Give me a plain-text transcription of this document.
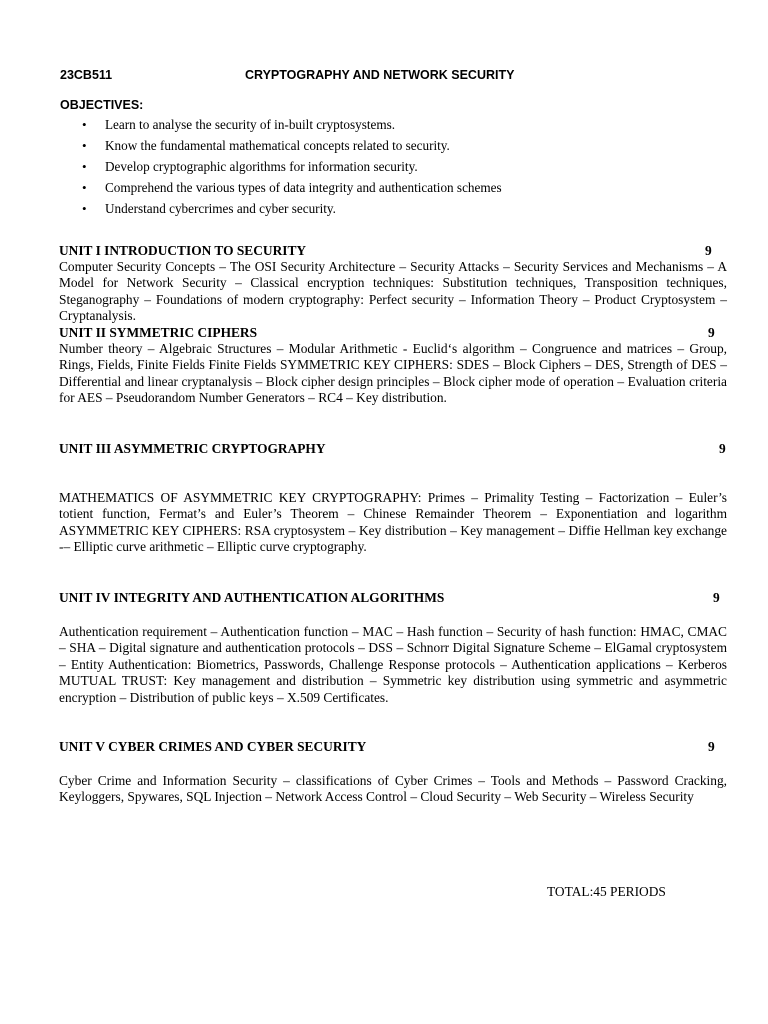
23CB511	CRYPTOGRAPHY AND NETWORK SECURITY
OBJECTIVES:
• Learn to analyse the security of in-built cryptosystems.
• Know the fundamental mathematical concepts related to security.
• Develop cryptographic algorithms for information security.
• Comprehend the various types of data integrity and authentication schemes
• Understand cybercrimes and cyber security.
UNIT I INTRODUCTION TO SECURITY	9

Computer Security Concepts – The OSI Security Architecture – Security Attacks – Security Services and Mechanisms – A Model for Network Security – Classical encryption techniques: Substitution techniques, Transposition techniques, Steganography – Foundations of modern cryptography: Perfect security – Information Theory – Product Cryptosystem – Cryptanalysis.

UNIT II SYMMETRIC CIPHERS	9

Number theory – Algebraic Structures – Modular Arithmetic - Euclid‘s algorithm – Congruence and matrices – Group, Rings, Fields, Finite Fields Finite Fields SYMMETRIC KEY CIPHERS: SDES – Block Ciphers – DES, Strength of DES – Differential and linear cryptanalysis – Block cipher design principles – Block cipher mode of operation – Evaluation criteria for AES – Pseudorandom Number Generators – RC4 – Key distribution.

UNIT III ASYMMETRIC CRYPTOGRAPHY	9

MATHEMATICS OF ASYMMETRIC KEY CRYPTOGRAPHY: Primes – Primality Testing – Factorization – Euler’s totient function, Fermat’s and Euler’s Theorem – Chinese Remainder Theorem – Exponentiation and logarithm

ASYMMETRIC KEY CIPHERS: RSA cryptosystem – Key distribution – Key management – Diffie Hellman key exchange -– Elliptic curve arithmetic – Elliptic curve cryptography.

UNIT IV INTEGRITY AND AUTHENTICATION ALGORITHMS	9

Authentication requirement – Authentication function – MAC – Hash function – Security of hash function: HMAC, CMAC – SHA – Digital signature and authentication protocols – DSS – Schnorr Digital Signature Scheme – ElGamal cryptosystem – Entity Authentication: Biometrics, Passwords, Challenge Response protocols – Authentication applications – Kerberos

MUTUAL TRUST: Key management and distribution – Symmetric key distribution using symmetric and asymmetric encryption – Distribution of public keys – X.509 Certificates.

UNIT V CYBER CRIMES AND CYBER SECURITY	9

Cyber Crime and Information Security – classifications of Cyber Crimes – Tools and Methods – Password Cracking, Keyloggers, Spywares, SQL Injection – Network Access Control – Cloud Security – Web Security – Wireless Security

TOTAL:45 PERIODS
